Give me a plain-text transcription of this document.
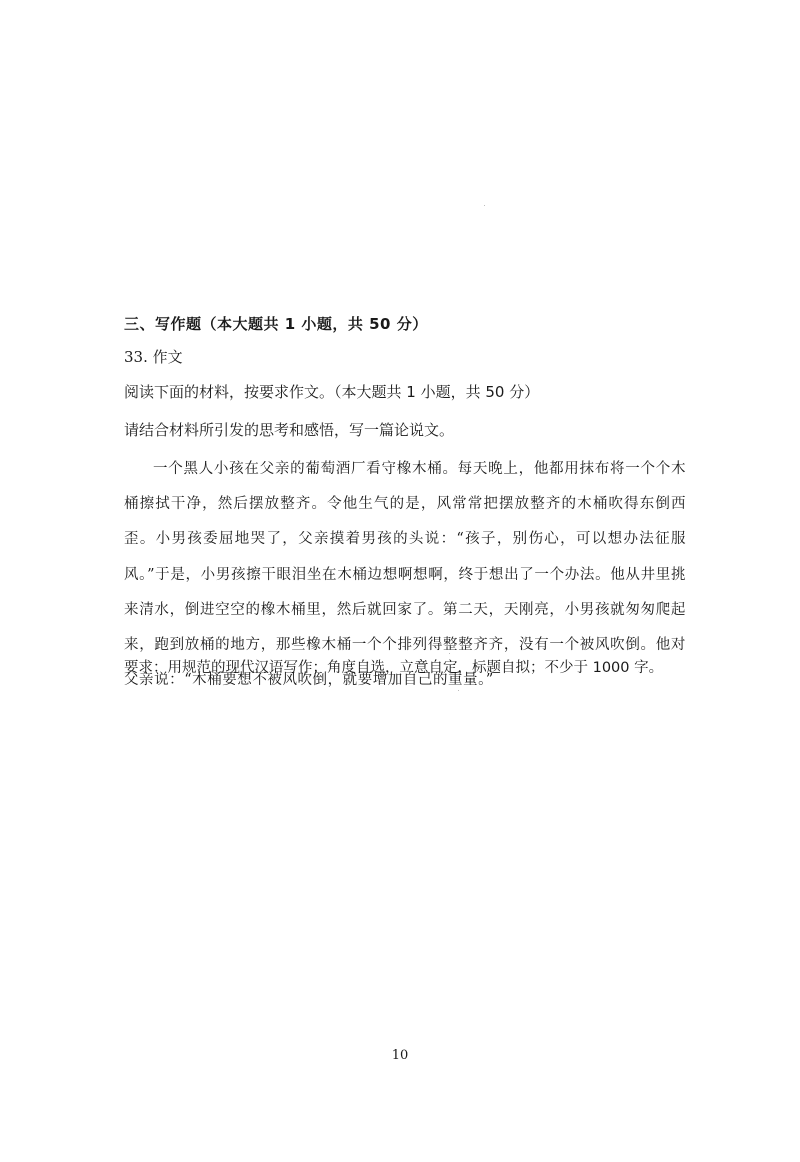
三、写作题（本大题共 1 小题，共 50 分）
33. 作文
阅读下面的材料，按要求作文。（本大题共 1 小题，共 50 分）
请结合材料所引发的思考和感悟，写一篇论说文。
一个黑人小孩在父亲的葡萄酒厂看守橡木桶。每天晚上，他都用抹布将一个个木桶擦拭干净，然后摆放整齐。令他生气的是，风常常把摆放整齐的木桶吹得东倒西歪。小男孩委屈地哭了，父亲摸着男孩的头说：“孩子，别伤心，可以想办法征服风。”于是，小男孩擦干眼泪坐在木桶边想啊想啊，终于想出了一个办法。他从井里挑来清水，倒进空空的橡木桶里，然后就回家了。第二天，天刚亮，小男孩就匆匆爬起来，跑到放桶的地方，那些橡木桶一个个排列得整整齐齐，没有一个被风吹倒。他对父亲说：“木桶要想不被风吹倒，就要增加自己的重量。”
要求：用规范的现代汉语写作；角度自选，立意自定，标题自拟；不少于 1000 字。
10
